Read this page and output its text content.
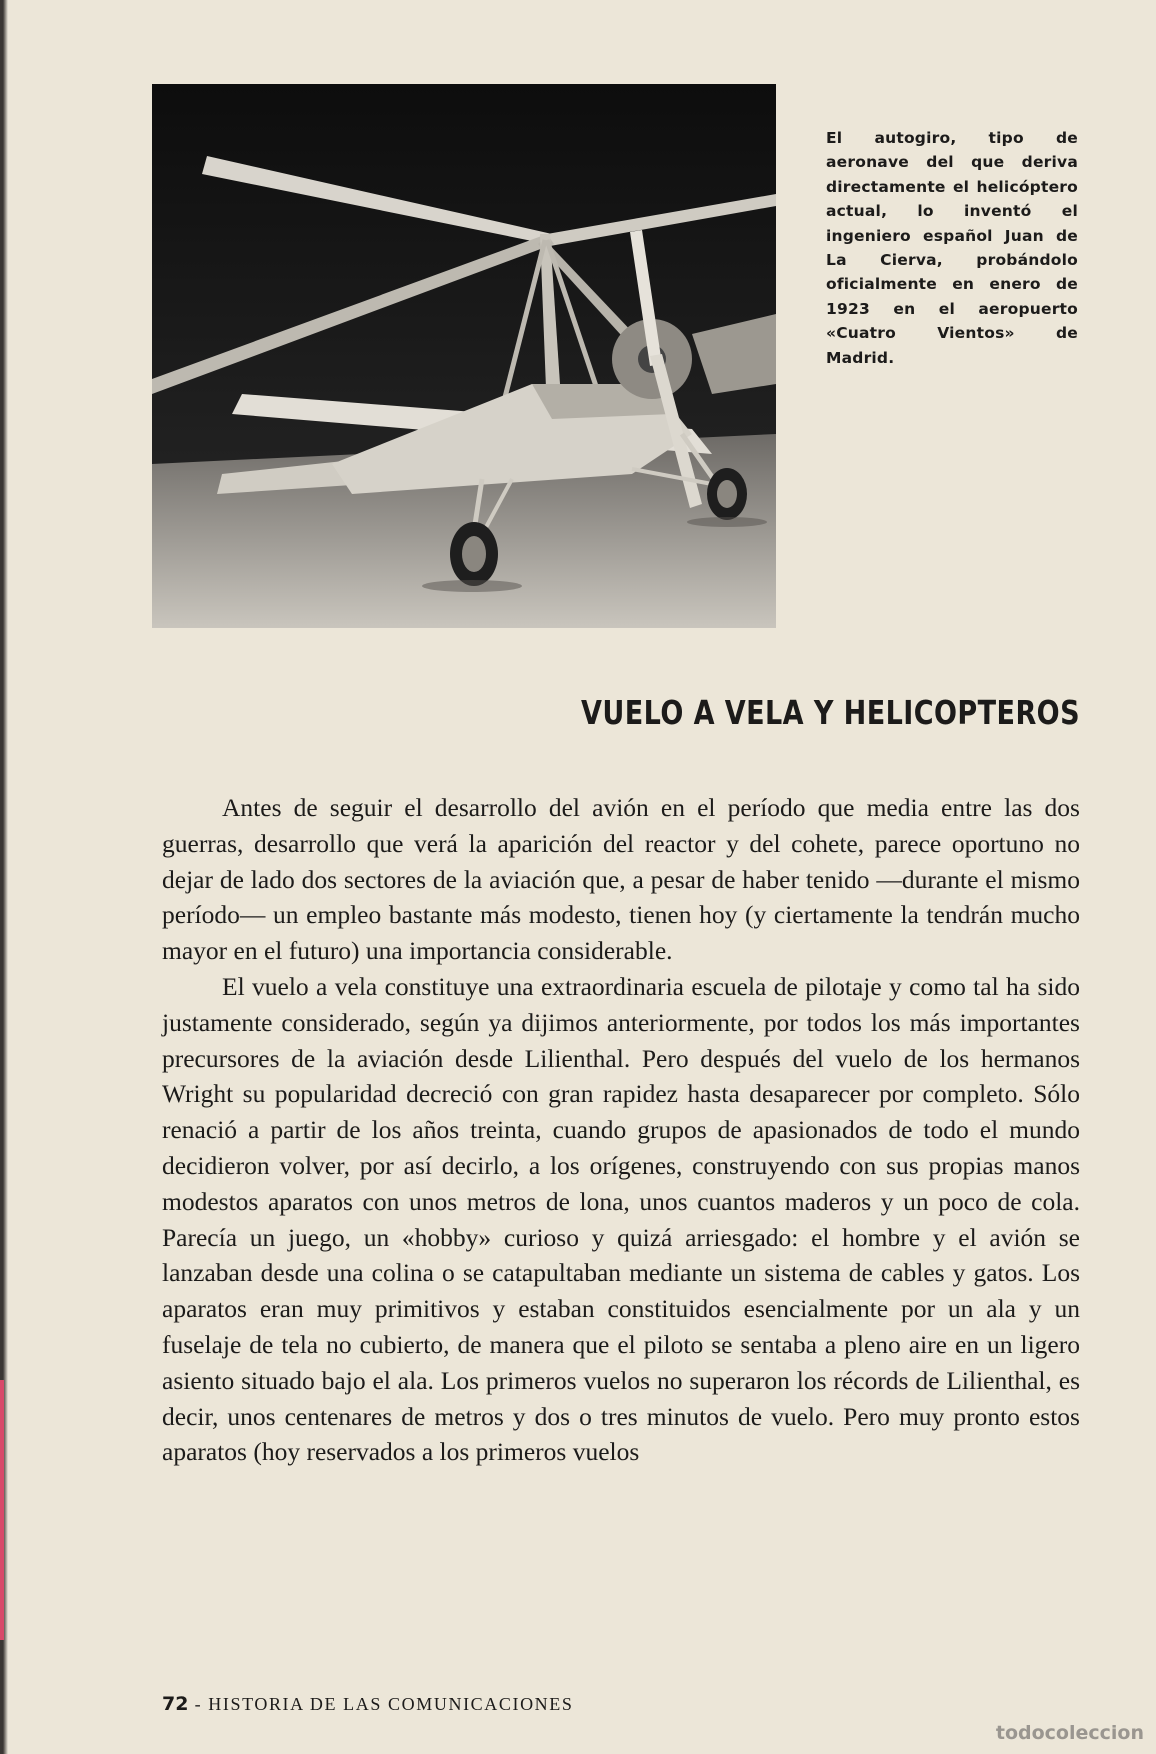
El autogiro, tipo de aeronave del que deriva directamente el helicóptero actual, lo inventó el ingeniero español Juan de La Cierva, probándolo oficialmente en enero de 1923 en el aeropuerto «Cuatro Vientos» de Madrid.
VUELO A VELA Y HELICOPTEROS

Antes de seguir el desarrollo del avión en el período que media entre las dos guerras, desarrollo que verá la aparición del reactor y del cohete, parece oportuno no dejar de lado dos sectores de la aviación que, a pesar de haber tenido —durante el mismo período— un empleo bastante más modesto, tienen hoy (y ciertamente la tendrán mucho mayor en el futuro) una importancia considerable.

El vuelo a vela constituye una extraordinaria escuela de pilotaje y como tal ha sido justamente considerado, según ya dijimos anteriormente, por todos los más importantes precursores de la aviación desde Lilienthal. Pero después del vuelo de los hermanos Wright su popularidad decreció con gran rapidez hasta desaparecer por completo. Sólo renació a partir de los años treinta, cuando grupos de apasionados de todo el mundo decidieron volver, por así decirlo, a los orígenes, construyendo con sus propias manos modestos aparatos con unos metros de lona, unos cuantos maderos y un poco de cola. Parecía un juego, un «hobby» curioso y quizá arriesgado: el hombre y el avión se lanzaban desde una colina o se catapultaban mediante un sistema de cables y gatos. Los aparatos eran muy primitivos y estaban constituidos esencialmente por un ala y un fuselaje de tela no cubierto, de manera que el piloto se sentaba a pleno aire en un ligero asiento situado bajo el ala. Los primeros vuelos no superaron los récords de Lilienthal, es decir, unos centenares de metros y dos o tres minutos de vuelo. Pero muy pronto estos aparatos (hoy reservados a los primeros vuelos

72 - HISTORIA DE LAS COMUNICACIONES
todocoleccion
